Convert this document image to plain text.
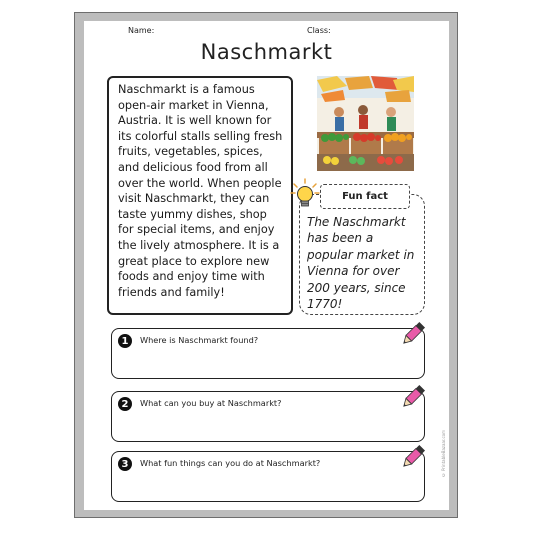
Name:	Class:
Naschmarkt
Naschmarkt is a famous open-air market in Vienna, Austria. It is well known for its colorful stalls selling fresh fruits, vegetables, spices, and delicious food from all over the world. When people visit Naschmarkt, they can taste yummy dishes, shop for special items, and enjoy the lively atmosphere. It is a great place to explore new foods and enjoy time with friends and family!
Fun fact
The Naschmarkt has been a popular market in Vienna for over 200 years, since 1770!
1	Where is Naschmarkt found?
2	What can you buy at Naschmarkt?
3	What fun things can you do at Naschmarkt?	© PrintableBazaar.com
